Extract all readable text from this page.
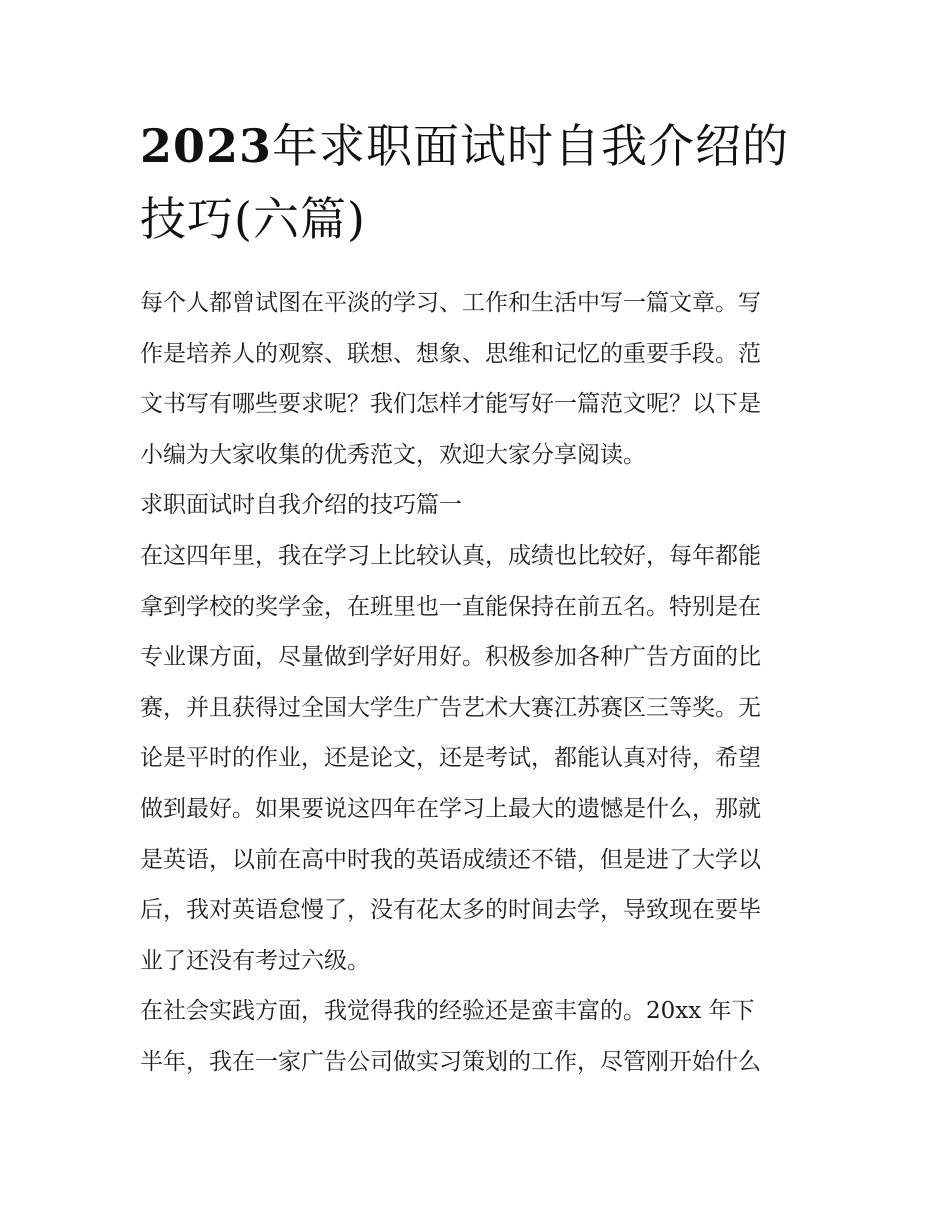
2023年求职面试时自我介绍的
技巧(六篇)

每个人都曾试图在平淡的学习、工作和生活中写一篇文章。写
作是培养人的观察、联想、想象、思维和记忆的重要手段。范
文书写有哪些要求呢？我们怎样才能写好一篇范文呢？以下是
小编为大家收集的优秀范文，欢迎大家分享阅读。

求职面试时自我介绍的技巧篇一

在这四年里，我在学习上比较认真，成绩也比较好，每年都能
拿到学校的奖学金，在班里也一直能保持在前五名。特别是在
专业课方面，尽量做到学好用好。积极参加各种广告方面的比
赛，并且获得过全国大学生广告艺术大赛江苏赛区三等奖。无
论是平时的作业，还是论文，还是考试，都能认真对待，希望
做到最好。如果要说这四年在学习上最大的遗憾是什么，那就
是英语，以前在高中时我的英语成绩还不错，但是进了大学以
后，我对英语怠慢了，没有花太多的时间去学，导致现在要毕
业了还没有考过六级。

在社会实践方面，我觉得我的经验还是蛮丰富的。20xx 年下
半年，我在一家广告公司做实习策划的工作，尽管刚开始什么
